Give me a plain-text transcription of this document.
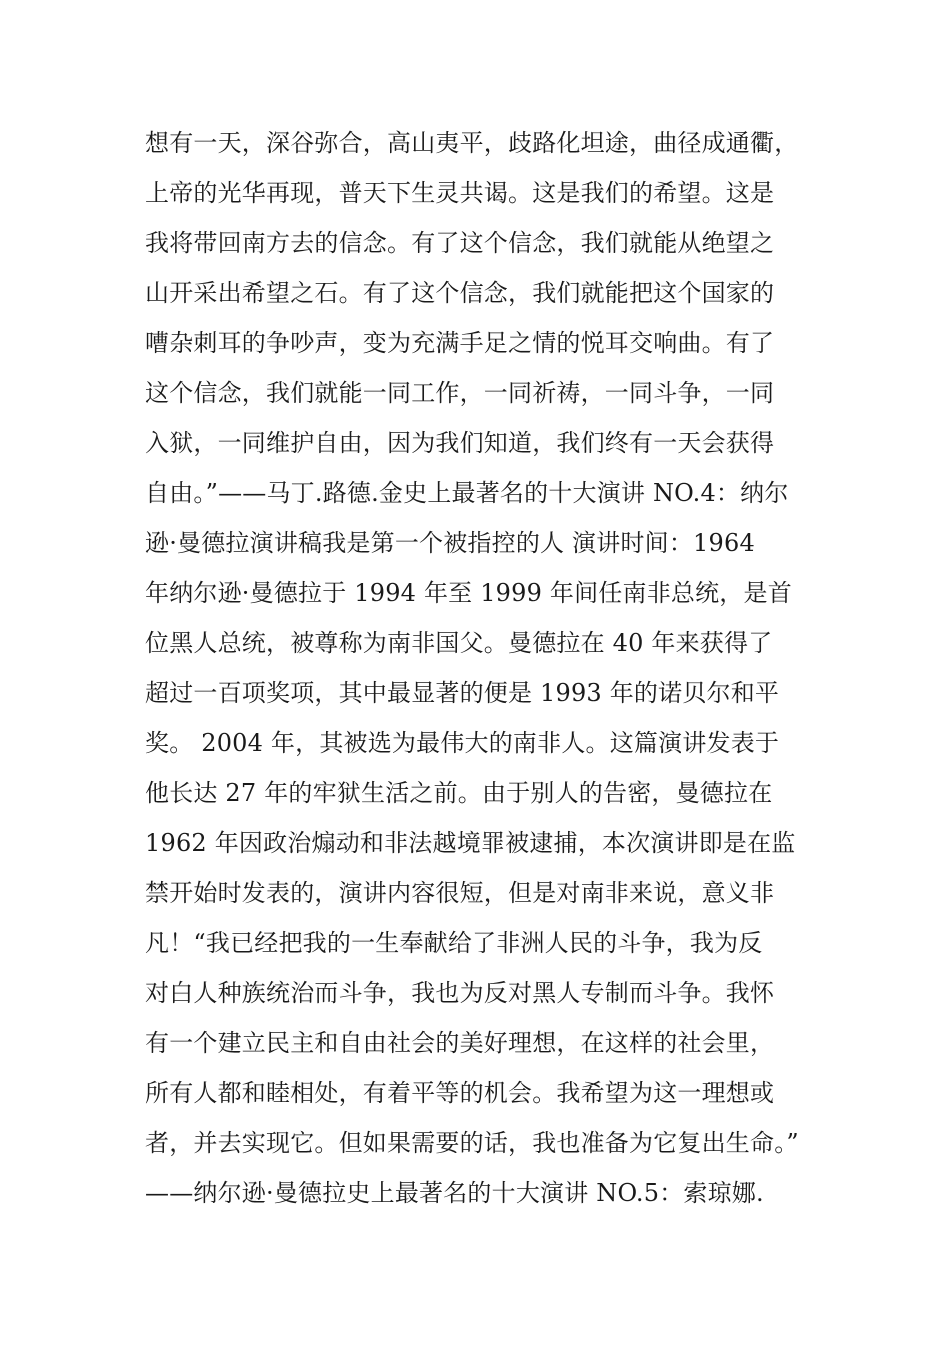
想有一天，深谷弥合，高山夷平，歧路化坦途，曲径成通衢，
上帝的光华再现，普天下生灵共谒。这是我们的希望。这是
我将带回南方去的信念。有了这个信念，我们就能从绝望之
山开采出希望之石。有了这个信念，我们就能把这个国家的
嘈杂刺耳的争吵声，变为充满手足之情的悦耳交响曲。有了
这个信念，我们就能一同工作，一同祈祷，一同斗争，一同
入狱，一同维护自由，因为我们知道，我们终有一天会获得
自由。”——马丁.路德.金史上最著名的十大演讲 NO.4：纳尔
逊·曼德拉演讲稿我是第一个被指控的人 演讲时间：1964
年纳尔逊·曼德拉于 1994 年至 1999 年间任南非总统，是首
位黑人总统，被尊称为南非国父。曼德拉在 40 年来获得了
超过一百项奖项，其中最显著的便是 1993 年的诺贝尔和平
奖。 2004 年，其被选为最伟大的南非人。这篇演讲发表于
他长达 27 年的牢狱生活之前。由于别人的告密，曼德拉在
1962 年因政治煽动和非法越境罪被逮捕，本次演讲即是在监
禁开始时发表的，演讲内容很短，但是对南非来说，意义非
凡！“我已经把我的一生奉献给了非洲人民的斗争，我为反
对白人种族统治而斗争，我也为反对黑人专制而斗争。我怀
有一个建立民主和自由社会的美好理想，在这样的社会里，
所有人都和睦相处，有着平等的机会。我希望为这一理想或
者，并去实现它。但如果需要的话，我也准备为它复出生命。”
——纳尔逊·曼德拉史上最著名的十大演讲 NO.5：索琼娜.
